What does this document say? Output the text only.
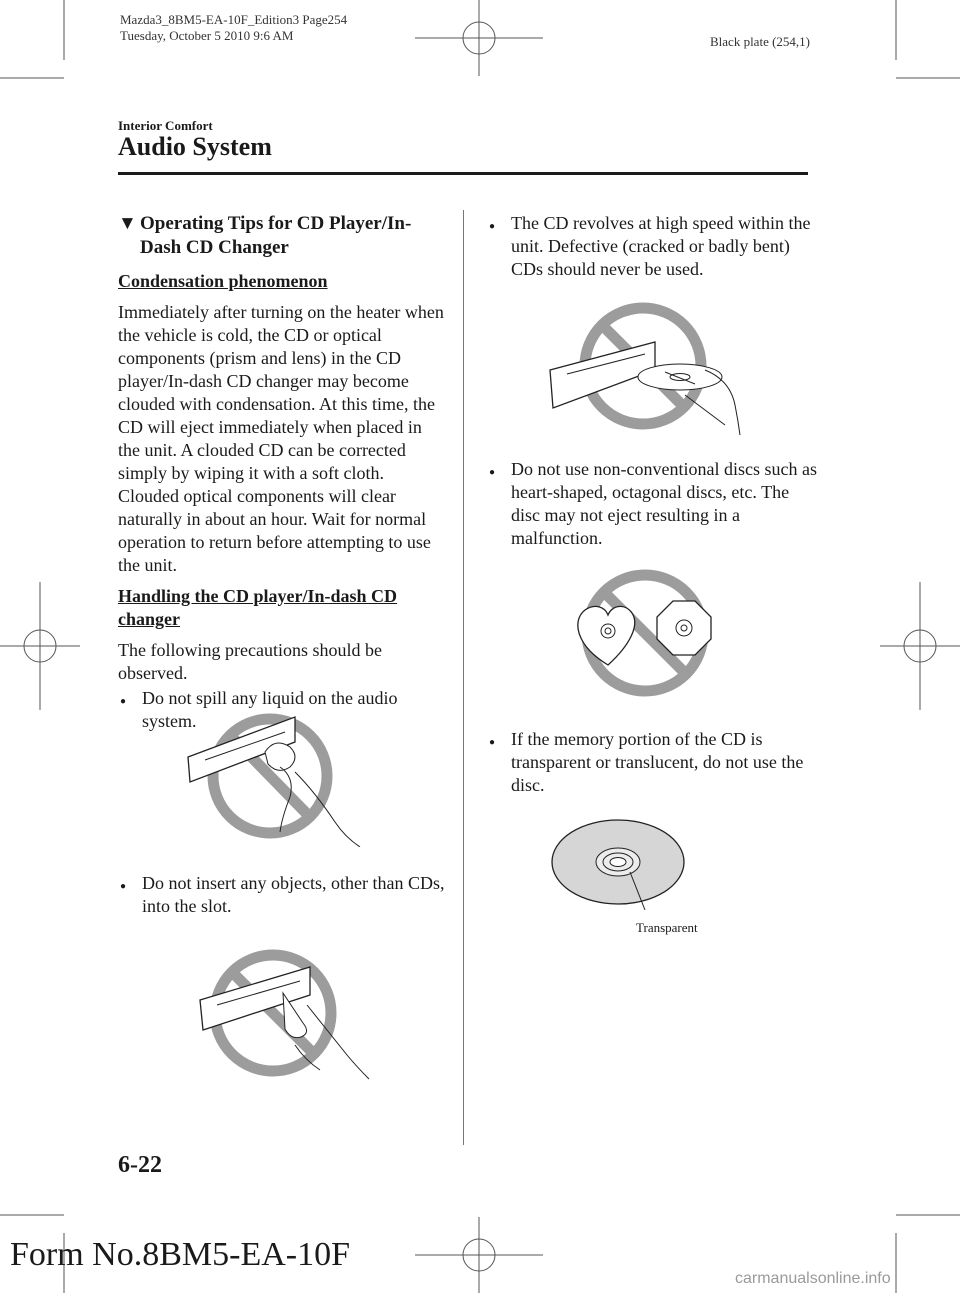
Mazda3_8BM5-EA-10F_Edition3 Page254
Tuesday, October 5 2010 9:6 AM	Black plate (254,1)
Interior Comfort
Audio System
▼ Operating Tips for CD Player/In-Dash CD Changer

Condensation phenomenon

Immediately after turning on the heater when the vehicle is cold, the CD or optical components (prism and lens) in the CD player/In-dash CD changer may become clouded with condensation. At this time, the CD will eject immediately when placed in the unit. A clouded CD can be corrected simply by wiping it with a soft cloth. Clouded optical components will clear naturally in about an hour. Wait for normal operation to return before attempting to use the unit.

Handling the CD player/In-dash CD changer

The following precautions should be observed.

● Do not spill any liquid on the audio system.
● Do not insert any objects, other than CDs, into the slot.
● The CD revolves at high speed within the unit. Defective (cracked or badly bent) CDs should never be used.
● Do not use non-conventional discs such as heart-shaped, octagonal discs, etc. The disc may not eject resulting in a malfunction.
● If the memory portion of the CD is transparent or translucent, do not use the disc.
Transparent
6-22
Form No.8BM5-EA-10F
carmanualsonline.info
